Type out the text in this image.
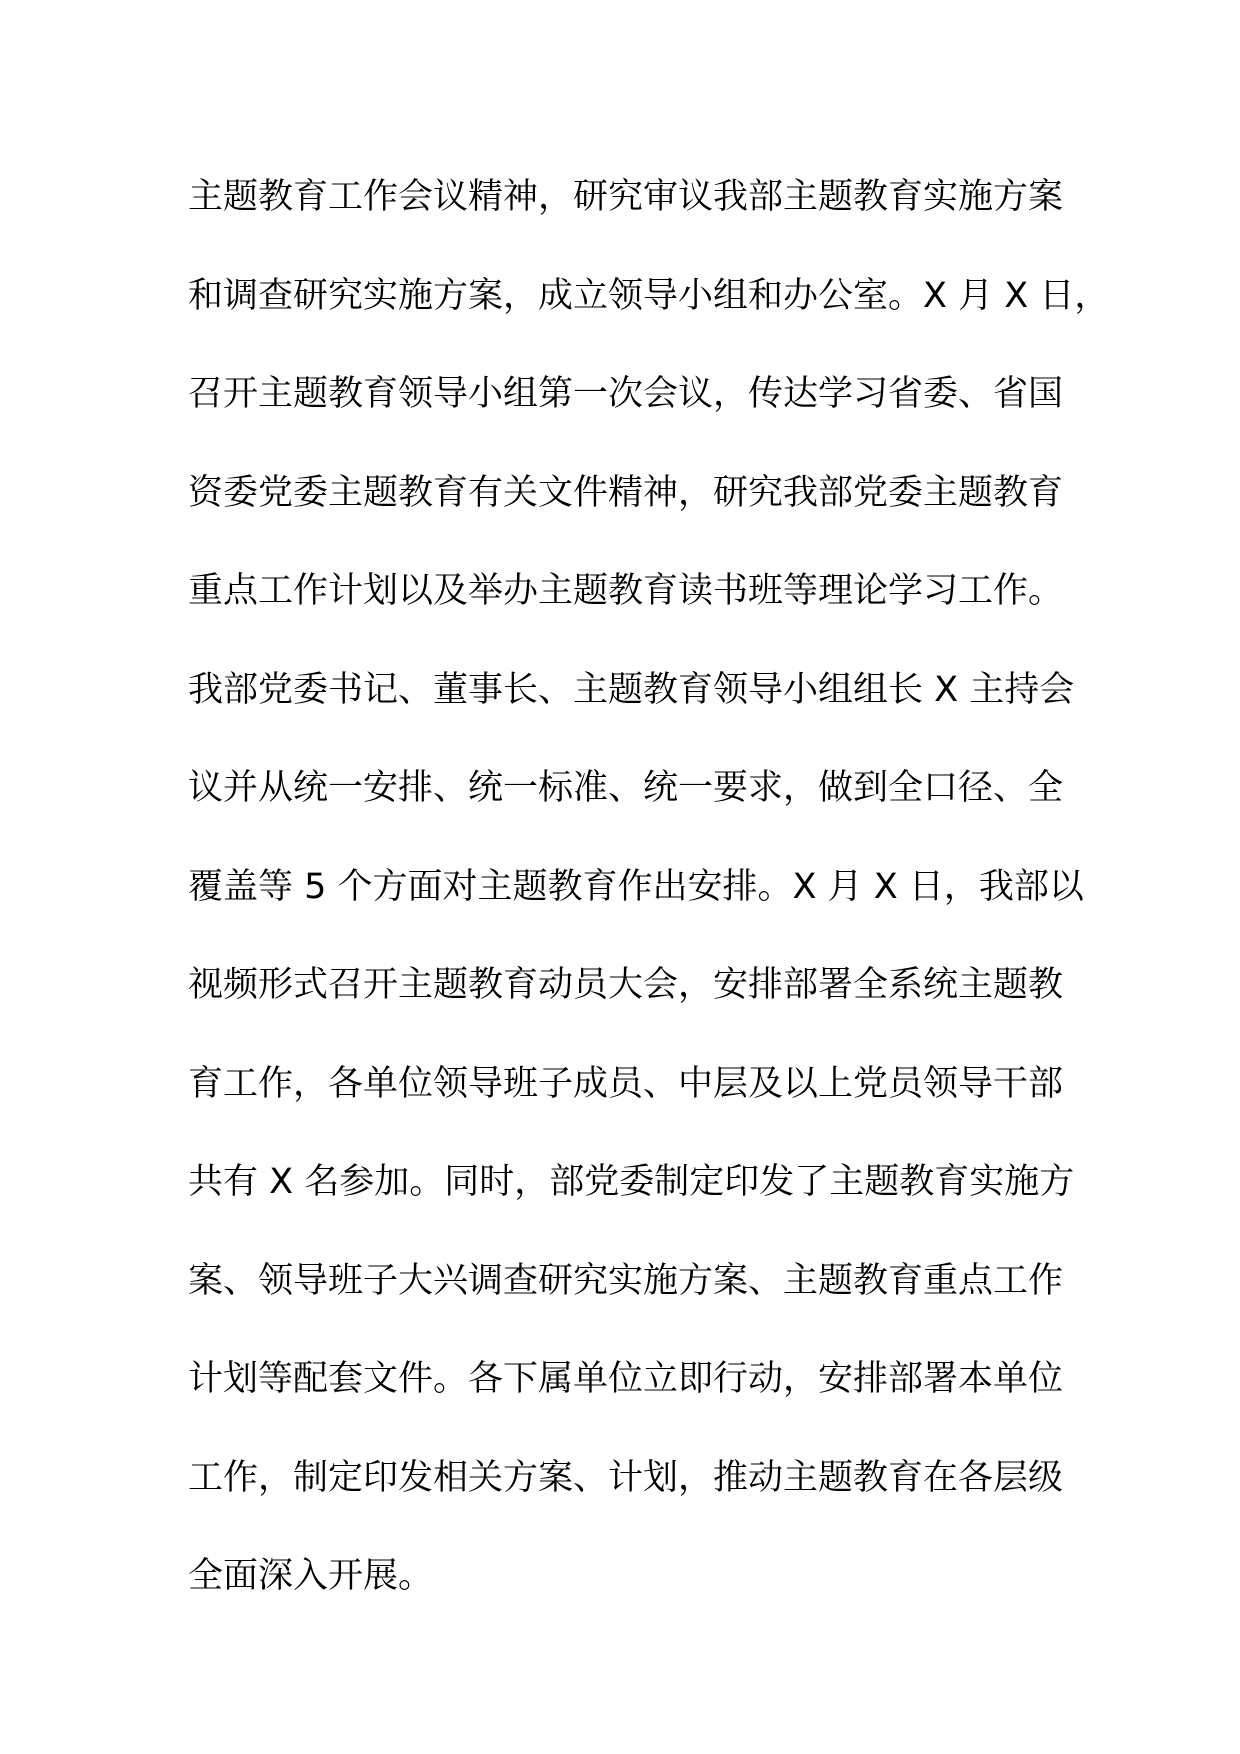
主题教育工作会议精神，研究审议我部主题教育实施方案
和调查研究实施方案，成立领导小组和办公室。X 月 X 日，
召开主题教育领导小组第一次会议，传达学习省委、省国
资委党委主题教育有关文件精神，研究我部党委主题教育
重点工作计划以及举办主题教育读书班等理论学习工作。
我部党委书记、董事长、主题教育领导小组组长 X 主持会
议并从统一安排、统一标准、统一要求，做到全口径、全
覆盖等 5 个方面对主题教育作出安排。X 月 X 日，我部以
视频形式召开主题教育动员大会，安排部署全系统主题教
育工作，各单位领导班子成员、中层及以上党员领导干部
共有 X 名参加。同时，部党委制定印发了主题教育实施方
案、领导班子大兴调查研究实施方案、主题教育重点工作
计划等配套文件。各下属单位立即行动，安排部署本单位
工作，制定印发相关方案、计划，推动主题教育在各层级
全面深入开展。
